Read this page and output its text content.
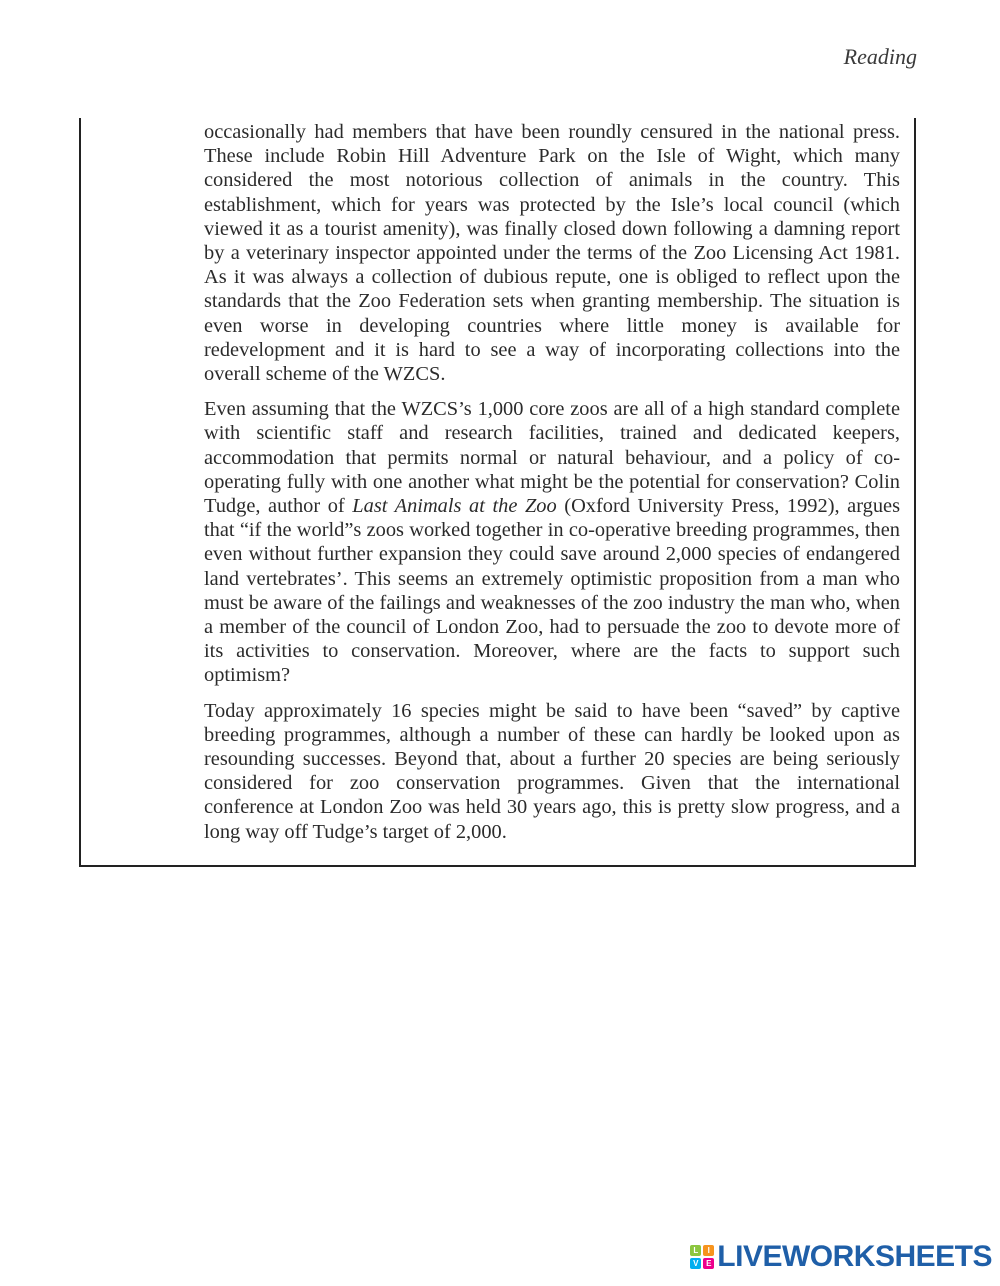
Reading

occasionally had members that have been roundly censured in the national press. These include Robin Hill Adventure Park on the Isle of Wight, which many considered the most notorious collection of animals in the country. This establishment, which for years was protected by the Isle’s local council (which viewed it as a tourist amenity), was finally closed down following a damning report by a veterinary inspector appointed under the terms of the Zoo Licensing Act 1981. As it was always a collection of dubious repute, one is obliged to reflect upon the standards that the Zoo Federation sets when granting membership. The situation is even worse in developing countries where little money is available for redevelopment and it is hard to see a way of incorporating collections into the overall scheme of the WZCS.

Even assuming that the WZCS’s 1,000 core zoos are all of a high standard complete with scientific staff and research facilities, trained and dedicated keepers, accommodation that permits normal or natural behaviour, and a policy of co-operating fully with one another what might be the potential for conservation? Colin Tudge, author of Last Animals at the Zoo (Oxford University Press, 1992), argues that “if the world”s zoos worked together in co-operative breeding programmes, then even without further expansion they could save around 2,000 species of endangered land vertebrates’. This seems an extremely optimistic proposition from a man who must be aware of the failings and weaknesses of the zoo industry the man who, when a member of the council of London Zoo, had to persuade the zoo to devote more of its activities to conservation. Moreover, where are the facts to support such optimism?

Today approximately 16 species might be said to have been “saved” by captive breeding programmes, although a number of these can hardly be looked upon as resounding successes. Beyond that, about a further 20 species are being seriously considered for zoo conservation programmes. Given that the international conference at London Zoo was held 30 years ago, this is pretty slow progress, and a long way off Tudge’s target of 2,000.

L	I
V E LIVEWORKSHEETS
